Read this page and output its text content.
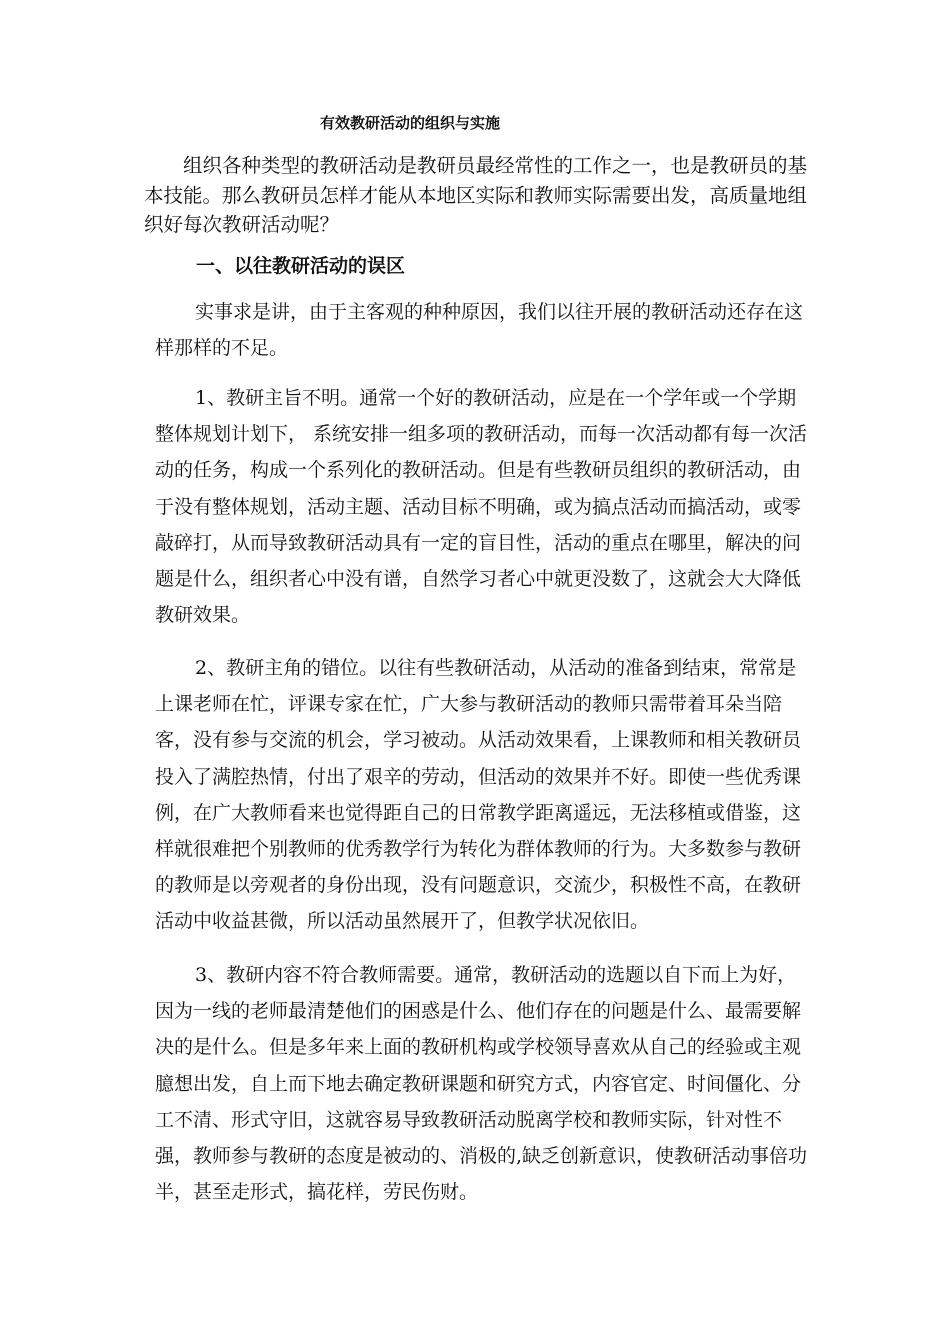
有效教研活动的组织与实施

组织各种类型的教研活动是教研员最经常性的工作之一，也是教研员的基本技能。那么教研员怎样才能从本地区实际和教师实际需要出发，高质量地组织好每次教研活动呢？

一、以往教研活动的误区

实事求是讲，由于主客观的种种原因，我们以往开展的教研活动还存在这样那样的不足。

1、教研主旨不明。通常一个好的教研活动，应是在一个学年或一个学期整体规划计划下， 系统安排一组多项的教研活动，而每一次活动都有每一次活动的任务，构成一个系列化的教研活动。但是有些教研员组织的教研活动，由于没有整体规划，活动主题、活动目标不明确，或为搞点活动而搞活动，或零敲碎打，从而导致教研活动具有一定的盲目性，活动的重点在哪里，解决的问题是什么，组织者心中没有谱，自然学习者心中就更没数了，这就会大大降低教研效果。

2、教研主角的错位。以往有些教研活动，从活动的准备到结束，常常是上课老师在忙，评课专家在忙，广大参与教研活动的教师只需带着耳朵当陪客，没有参与交流的机会，学习被动。从活动效果看，上课教师和相关教研员投入了满腔热情，付出了艰辛的劳动，但活动的效果并不好。即使一些优秀课例，在广大教师看来也觉得距自己的日常教学距离遥远，无法移植或借鉴，这样就很难把个别教师的优秀教学行为转化为群体教师的行为。大多数参与教研的教师是以旁观者的身份出现，没有问题意识，交流少，积极性不高，在教研活动中收益甚微，所以活动虽然展开了，但教学状况依旧。

3、教研内容不符合教师需要。通常，教研活动的选题以自下而上为好，因为一线的老师最清楚他们的困惑是什么、他们存在的问题是什么、最需要解决的是什么。但是多年来上面的教研机构或学校领导喜欢从自己的经验或主观臆想出发，自上而下地去确定教研课题和研究方式，内容官定、时间僵化、分工不清、形式守旧，这就容易导致教研活动脱离学校和教师实际，针对性不强，教师参与教研的态度是被动的、消极的,缺乏创新意识，使教研活动事倍功半，甚至走形式，搞花样，劳民伤财。
